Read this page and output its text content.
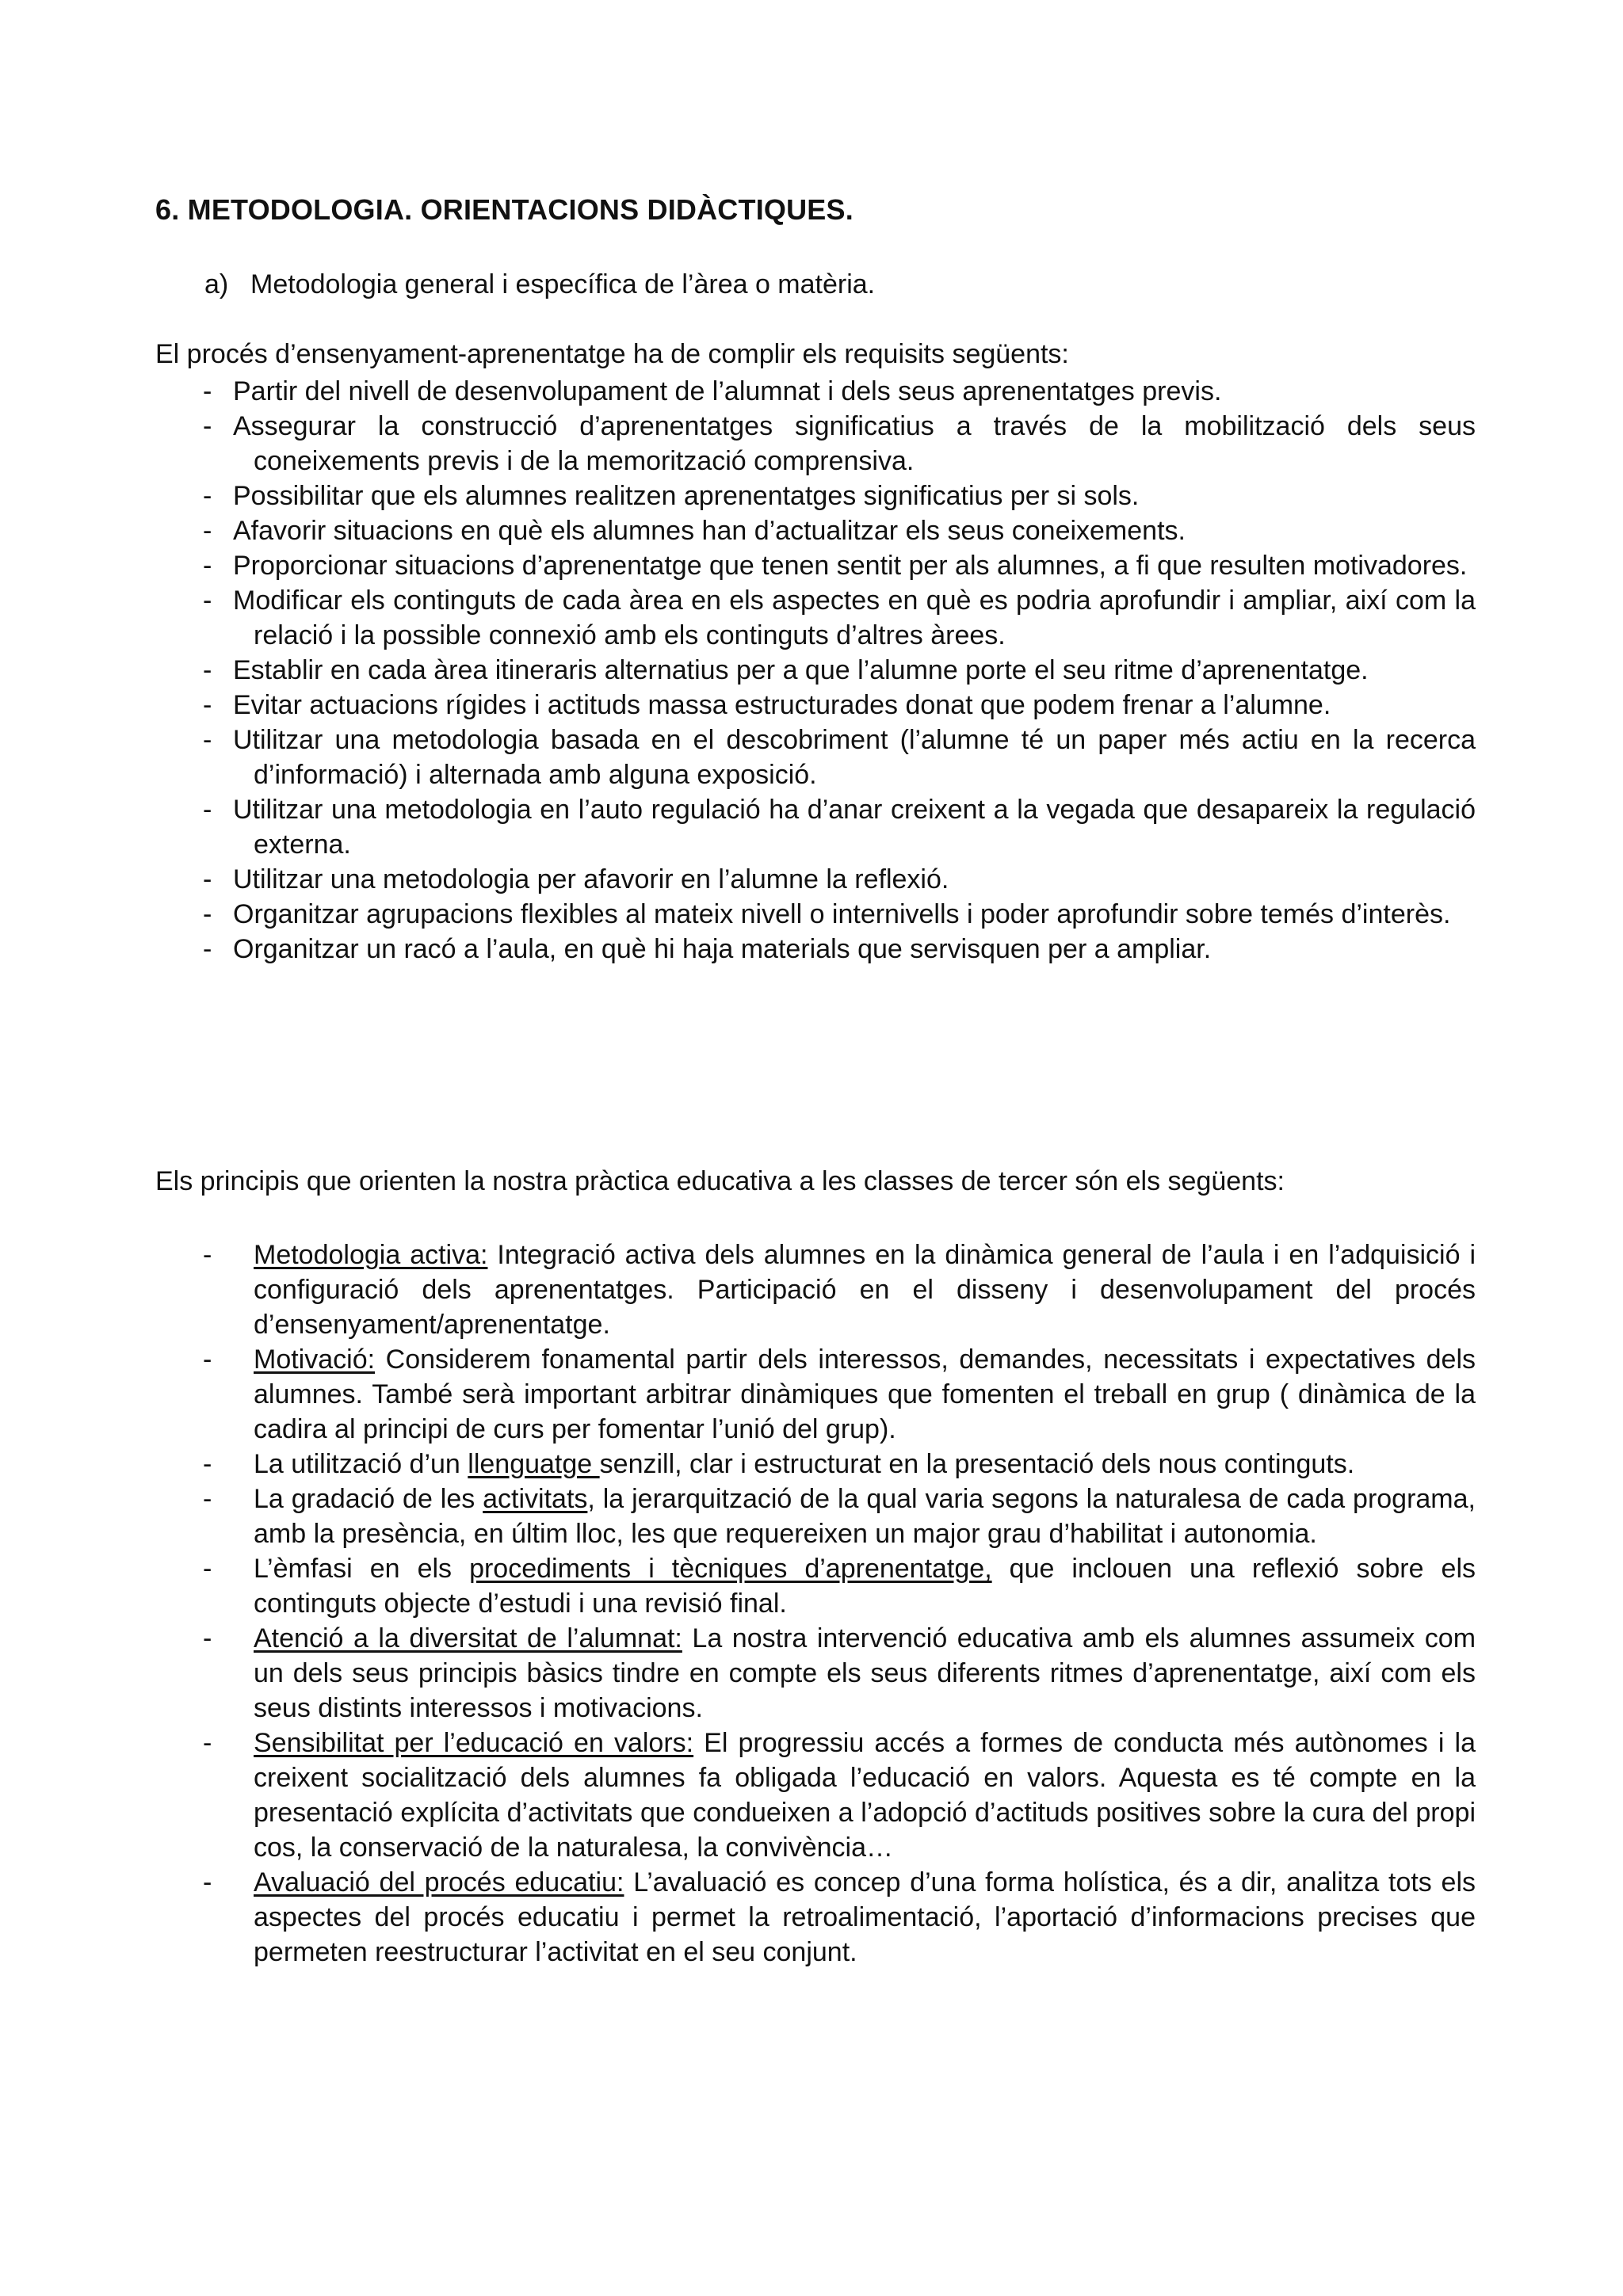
6. METODOLOGIA. ORIENTACIONS DIDÀCTIQUES.
a) Metodologia general i específica de l’àrea o matèria.
El procés d’ensenyament-aprenentatge ha de complir els requisits següents:
- Partir del nivell de desenvolupament de l’alumnat i dels seus aprenentatges previs.
- Assegurar la construcció d’aprenentatges significatius a través de la mobilització dels seus coneixements previs i de la memorització comprensiva.
- Possibilitar que els alumnes realitzen aprenentatges significatius per si sols.
- Afavorir situacions en què els alumnes han d’actualitzar els seus coneixements.
- Proporcionar situacions d’aprenentatge que tenen sentit per als alumnes, a fi que resulten motivadores.
- Modificar els continguts de cada àrea en els aspectes en què es podria aprofundir i ampliar, així com la relació i la possible connexió amb els continguts d’altres àrees.
- Establir en cada àrea itineraris alternatius per a que l’alumne porte el seu ritme d’aprenentatge.
- Evitar actuacions rígides i actituds massa estructurades donat que podem frenar a l’alumne.
- Utilitzar una metodologia basada en el descobriment (l’alumne té un paper més actiu en la recerca d’informació) i alternada amb alguna exposició.
- Utilitzar una metodologia en l’auto regulació ha d’anar creixent a la vegada que desapareix la regulació externa.
- Utilitzar una metodologia per afavorir en l’alumne la reflexió.
- Organitzar agrupacions flexibles al mateix nivell o internivells i poder aprofundir sobre temés d’interès.
- Organitzar un racó a l’aula, en què hi haja materials que servisquen per a ampliar.
Els principis que orienten la nostra pràctica educativa a les classes de tercer són els següents:
- Metodologia activa: Integració activa dels alumnes en la dinàmica general de l’aula i en l’adquisició i configuració dels aprenentatges. Participació en el disseny i desenvolupament del procés d’ensenyament/aprenentatge.
- Motivació: Considerem fonamental partir dels interessos, demandes, necessitats i expectatives dels alumnes. També serà important arbitrar dinàmiques que fomenten el treball en grup ( dinàmica de la cadira al principi de curs per fomentar l’unió del grup).
- La utilització d’un llenguatge senzill, clar i estructurat en la presentació dels nous continguts.
- La gradació de les activitats, la jerarquització de la qual varia segons la naturalesa de cada programa, amb la presència, en últim lloc, les que requereixen un major grau d’habilitat i autonomia.
- L’èmfasi en els procediments i tècniques d’aprenentatge, que inclouen una reflexió sobre els continguts objecte d’estudi i una revisió final.
- Atenció a la diversitat de l’alumnat: La nostra intervenció educativa amb els alumnes assumeix com un dels seus principis bàsics tindre en compte els seus diferents ritmes d’aprenentatge, així com els seus distints interessos i motivacions.
- Sensibilitat per l’educació en valors: El progressiu accés a formes de conducta més autònomes i la creixent socialització dels alumnes fa obligada l’educació en valors. Aquesta es té compte en la presentació explícita d’activitats que condueixen a l’adopció d’actituds positives sobre la cura del propi cos, la conservació de la naturalesa, la convivència…
- Avaluació del procés educatiu: L’avaluació es concep d’una forma holística, és a dir, analitza tots els aspectes del procés educatiu i permet la retroalimentació, l’aportació d’informacions precises que permeten reestructurar l’activitat en el seu conjunt.
